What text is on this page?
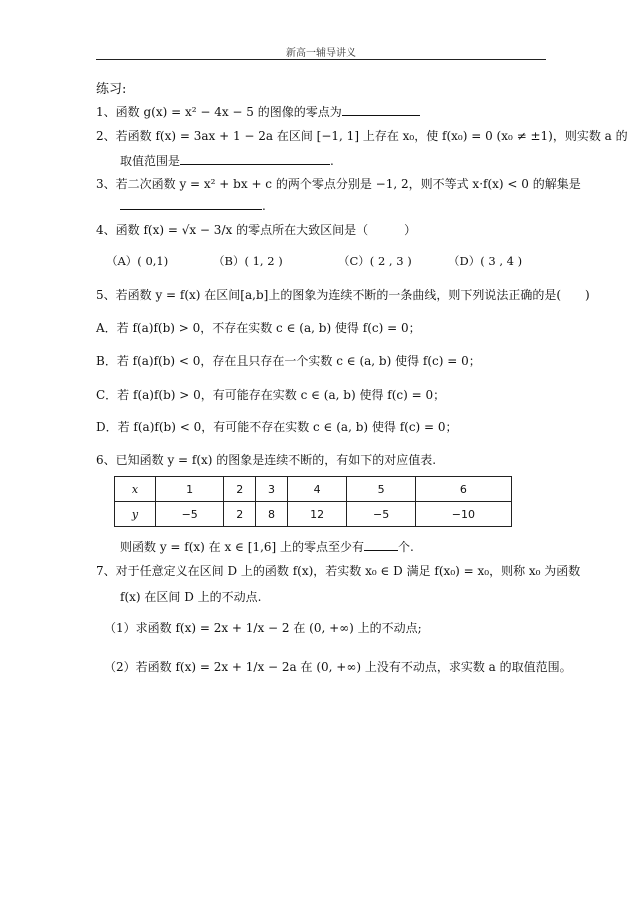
新高一辅导讲义
练习:
1、函数 g(x) = x² − 4x − 5 的图像的零点为
2、若函数 f(x) = 3ax + 1 − 2a 在区间 [−1, 1] 上存在 x₀，使 f(x₀) = 0 (x₀ ≠ ±1)，则实数 a 的
取值范围是	.
3、若二次函数 y = x² + bx + c 的两个零点分别是 −1, 2，则不等式 x·f(x) < 0 的解集是
.
4、函数 f(x) = √x − 3/x 的零点所在大致区间是（　　　）
（A）( 0,1)	（B）( 1, 2 )	（C）( 2 , 3 )	（D）( 3 , 4 )
5、若函数 y = f(x) 在区间[a,b]上的图象为连续不断的一条曲线，则下列说法正确的是(　　)
A．若 f(a)f(b) > 0，不存在实数 c ∈ (a, b) 使得 f(c) = 0；
B．若 f(a)f(b) < 0，存在且只存在一个实数 c ∈ (a, b) 使得 f(c) = 0；
C．若 f(a)f(b) > 0，有可能存在实数 c ∈ (a, b) 使得 f(c) = 0；
D．若 f(a)f(b) < 0，有可能不存在实数 c ∈ (a, b) 使得 f(c) = 0；
6、已知函数 y = f(x) 的图象是连续不断的，有如下的对应值表.
x	1	2	3	4	5	6
y	−5	2	8	12	−5	−10
则函数 y = f(x) 在 x ∈ [1,6] 上的零点至少有	个.
7、对于任意定义在区间 D 上的函数 f(x)，若实数 x₀ ∈ D 满足 f(x₀) = x₀，则称 x₀ 为函数
f(x) 在区间 D 上的不动点.
（1）求函数 f(x) = 2x + 1/x − 2 在 (0, +∞) 上的不动点;
（2）若函数 f(x) = 2x + 1/x − 2a 在 (0, +∞) 上没有不动点，求实数 a 的取值范围。
